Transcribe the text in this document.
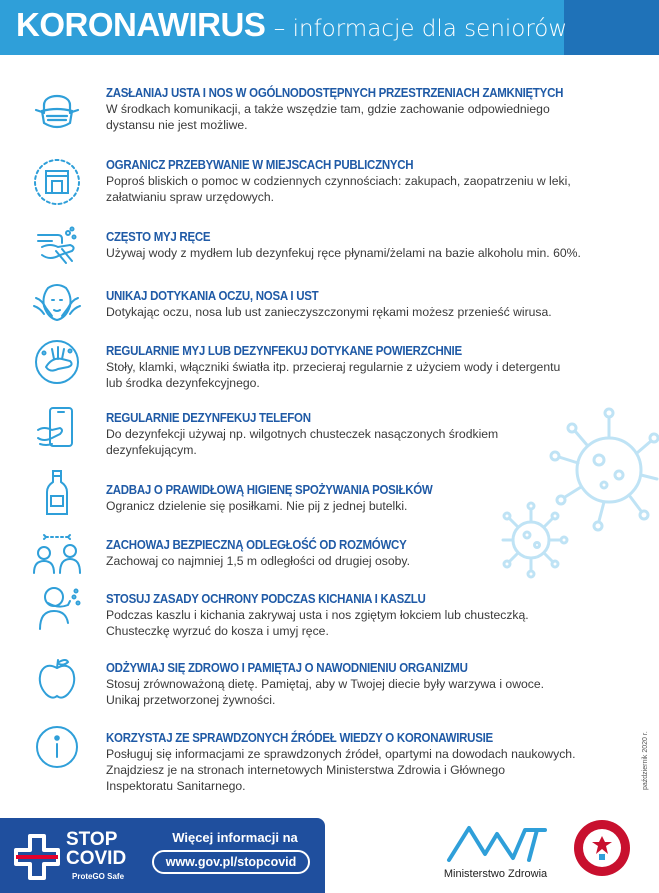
KORONAWIRUS – informacje dla seniorów
ZASŁANIAJ USTA I NOS W OGÓLNODOSTĘPNYCH PRZESTRZENIACH ZAMKNIĘTYCH
W środkach komunikacji, a także wszędzie tam, gdzie zachowanie odpowiedniego
dystansu nie jest możliwe.
OGRANICZ PRZEBYWANIE W MIEJSCACH PUBLICZNYCH
Poproś bliskich o pomoc w codziennych czynnościach: zakupach, zaopatrzeniu w leki,
załatwianiu spraw urzędowych.
CZĘSTO MYJ RĘCE
Używaj wody z mydłem lub dezynfekuj ręce płynami/żelami na bazie alkoholu min. 60%.
UNIKAJ DOTYKANIA OCZU, NOSA I UST
Dotykając oczu, nosa lub ust zanieczyszczonymi rękami możesz przenieść wirusa.
REGULARNIE MYJ LUB DEZYNFEKUJ DOTYKANE POWIERZCHNIE
Stoły, klamki, włączniki światła itp. przecieraj regularnie z użyciem wody i detergentu
lub środka dezynfekcyjnego.
REGULARNIE DEZYNFEKUJ TELEFON
Do dezynfekcji używaj np. wilgotnych chusteczek nasączonych środkiem
dezynfekującym.
ZADBAJ O PRAWIDŁOWĄ HIGIENĘ SPOŻYWANIA POSIŁKÓW
Ogranicz dzielenie się posiłkami. Nie pij z jednej butelki.
ZACHOWAJ BEZPIECZNĄ ODLEGŁOŚĆ OD ROZMÓWCY
Zachowaj co najmniej 1,5 m odległości od drugiej osoby.
STOSUJ ZASADY OCHRONY PODCZAS KICHANIA I KASZLU
Podczas kaszlu i kichania zakrywaj usta i nos zgiętym łokciem lub chusteczką.
Chusteczkę wyrzuć do kosza i umyj ręce.
ODŻYWIAJ SIĘ ZDROWO I PAMIĘTAJ O NAWODNIENIU ORGANIZMU
Stosuj zrównoważoną dietę. Pamiętaj, aby w Twojej diecie były warzywa i owoce.
Unikaj przetworzonej żywności.
KORZYSTAJ ZE SPRAWDZONYCH ŹRÓDEŁ WIEDZY O KORONAWIRUSIE
Posługuj się informacjami ze sprawdzonych źródeł, opartymi na dowodach naukowych.
Znajdziesz je na stronach internetowych Ministerstwa Zdrowia i Głównego
Inspektoratu Sanitarnego.
STOP
COVID
ProteGO Safe
Więcej informacji na
www.gov.pl/stopcovid
Ministerstwo Zdrowia
październik 2020 r.
